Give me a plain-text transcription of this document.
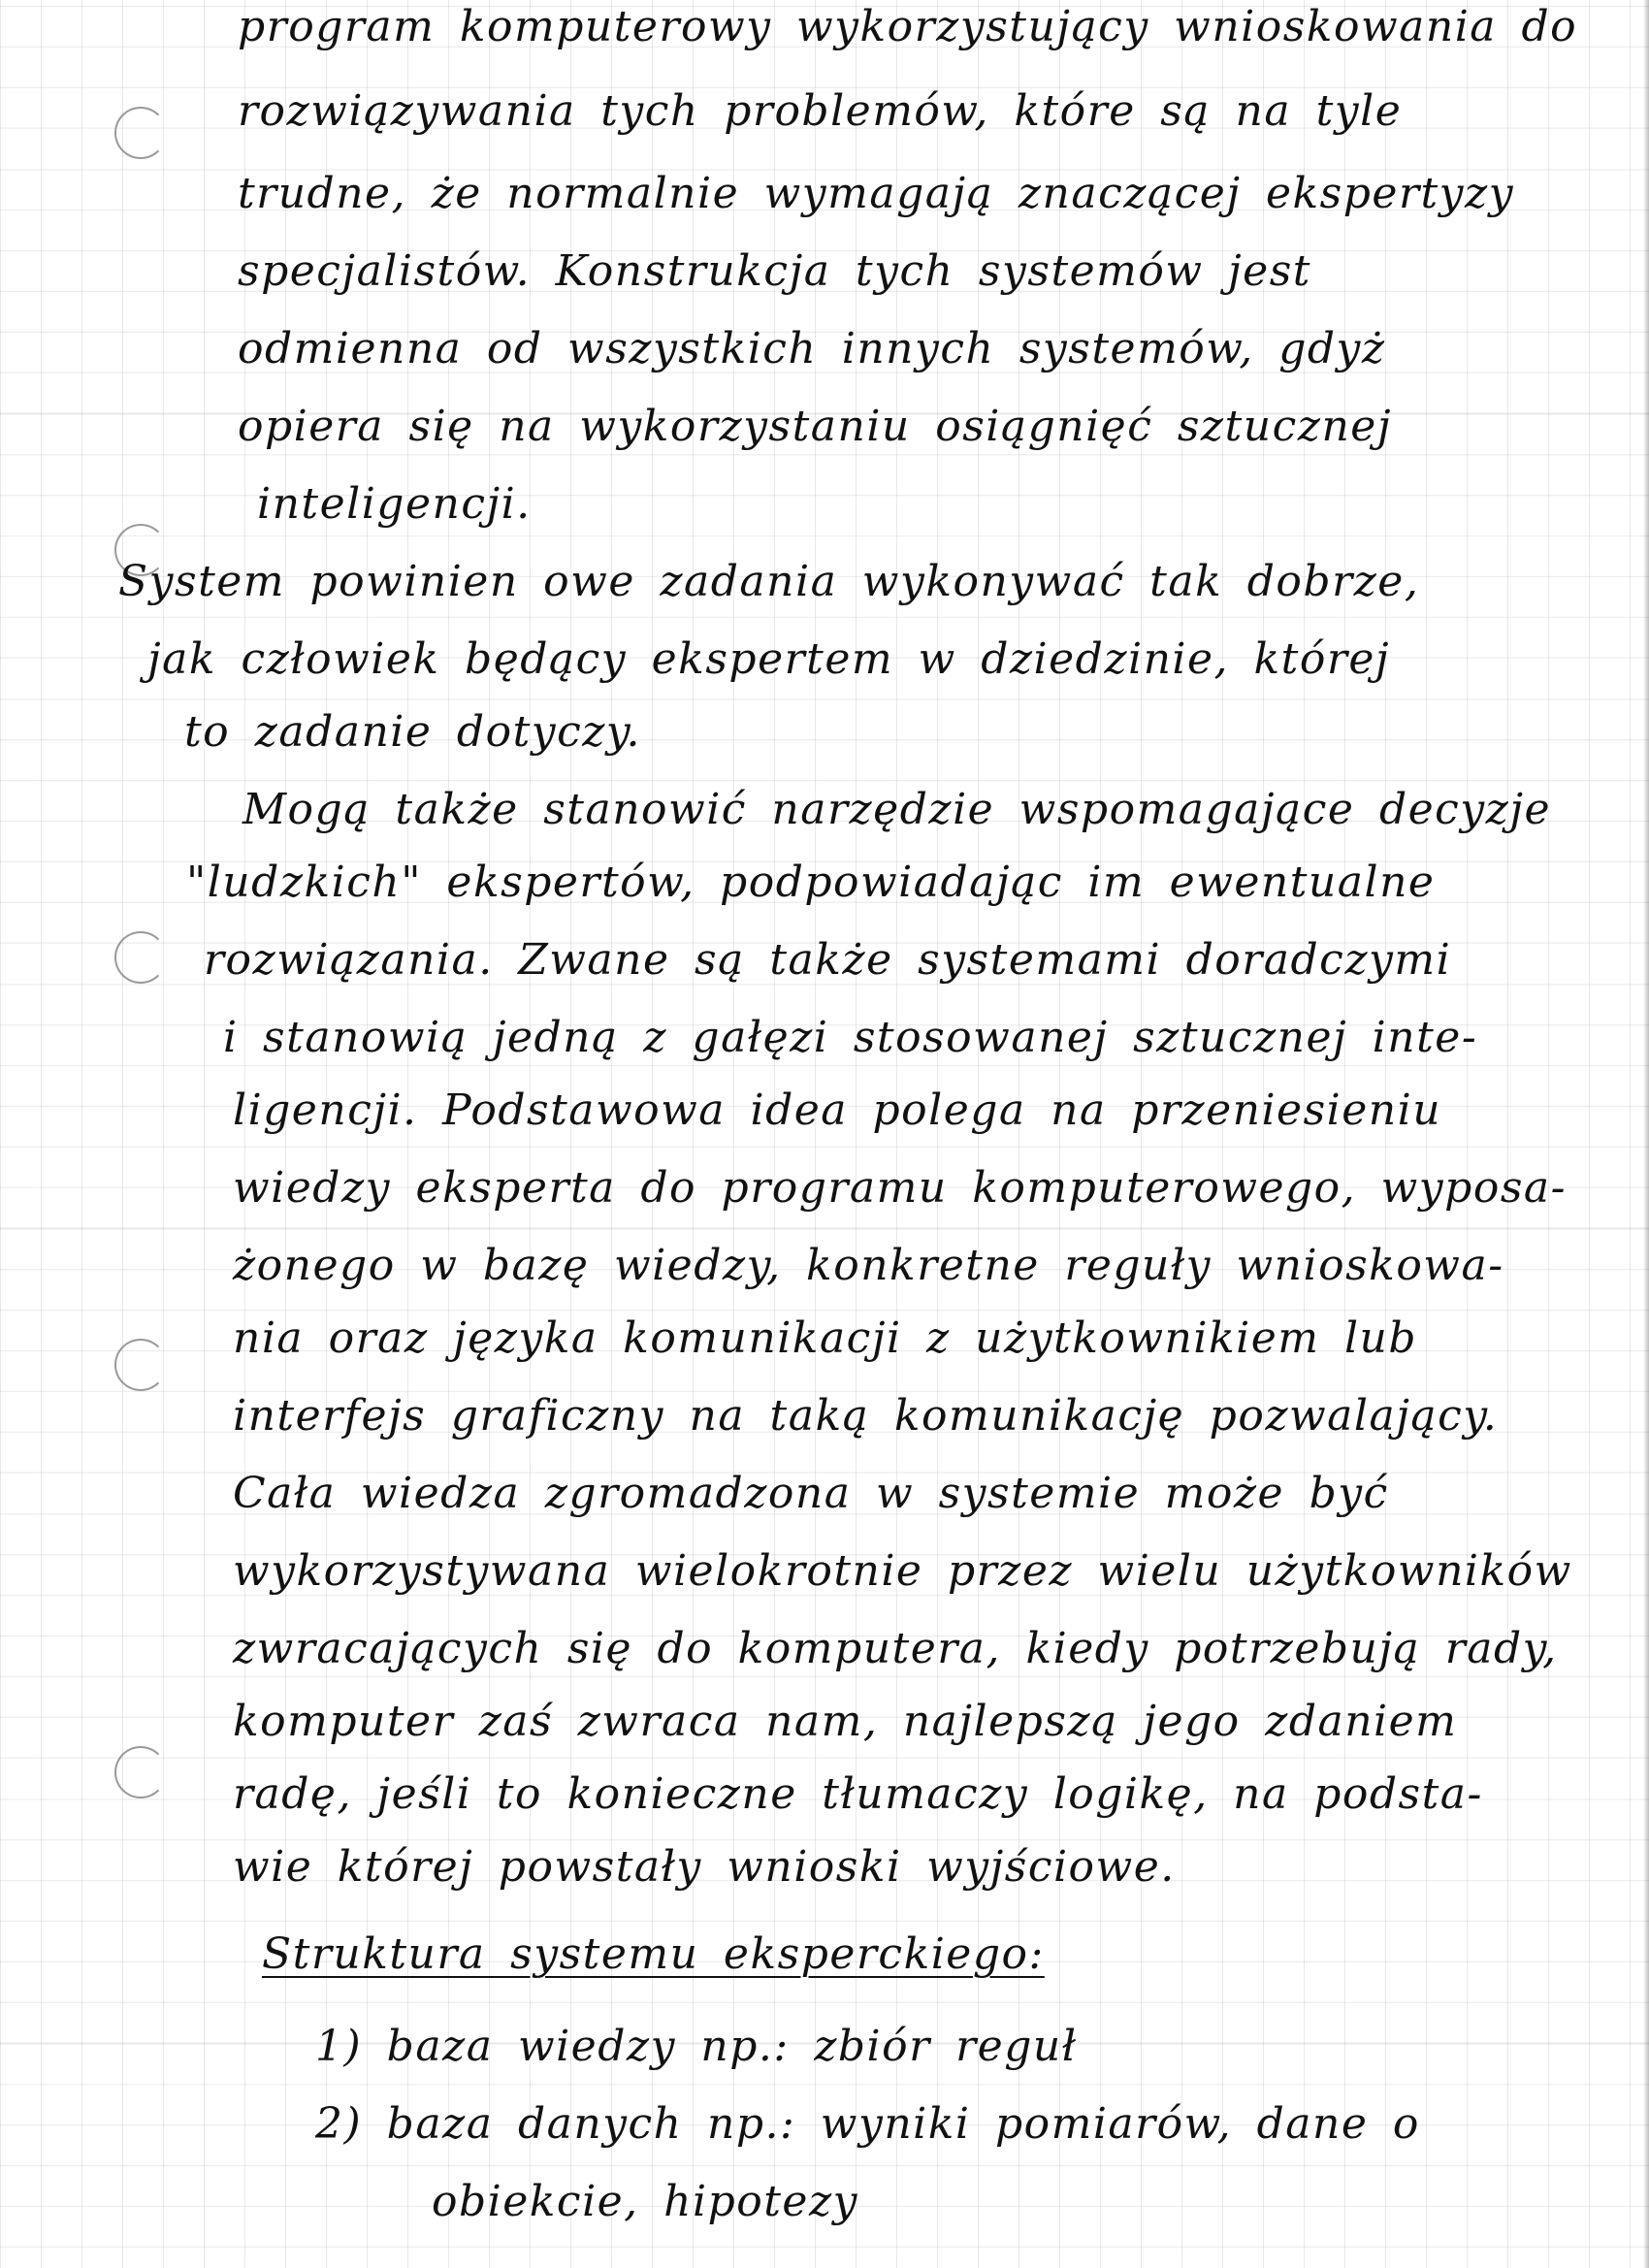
program komputerowy wykorzystujący wnioskowania do
rozwiązywania tych problemów, które są na tyle
trudne, że normalnie wymagają znaczącej ekspertyzy
specjalistów. Konstrukcja tych systemów jest
odmienna od wszystkich innych systemów, gdyż
opiera się na wykorzystaniu osiągnięć sztucznej
inteligencji.
System powinien owe zadania wykonywać tak dobrze,
jak człowiek będący ekspertem w dziedzinie, której
to zadanie dotyczy.
Mogą także stanowić narzędzie wspomagające decyzje
"ludzkich" ekspertów, podpowiadając im ewentualne
rozwiązania. Zwane są także systemami doradczymi
i stanowią jedną z gałęzi stosowanej sztucznej inte-
ligencji. Podstawowa idea polega na przeniesieniu
wiedzy eksperta do programu komputerowego, wyposa-
żonego w bazę wiedzy, konkretne reguły wnioskowa-
nia oraz języka komunikacji z użytkownikiem lub
interfejs graficzny na taką komunikację pozwalający.
Cała wiedza zgromadzona w systemie może być
wykorzystywana wielokrotnie przez wielu użytkowników
zwracających się do komputera, kiedy potrzebują rady,
komputer zaś zwraca nam, najlepszą jego zdaniem
radę, jeśli to konieczne tłumaczy logikę, na podsta-
wie której powstały wnioski wyjściowe.
Struktura systemu eksperckiego:
1) baza wiedzy np.: zbiór reguł
2) baza danych np.: wyniki pomiarów, dane o
obiekcie, hipotezy
